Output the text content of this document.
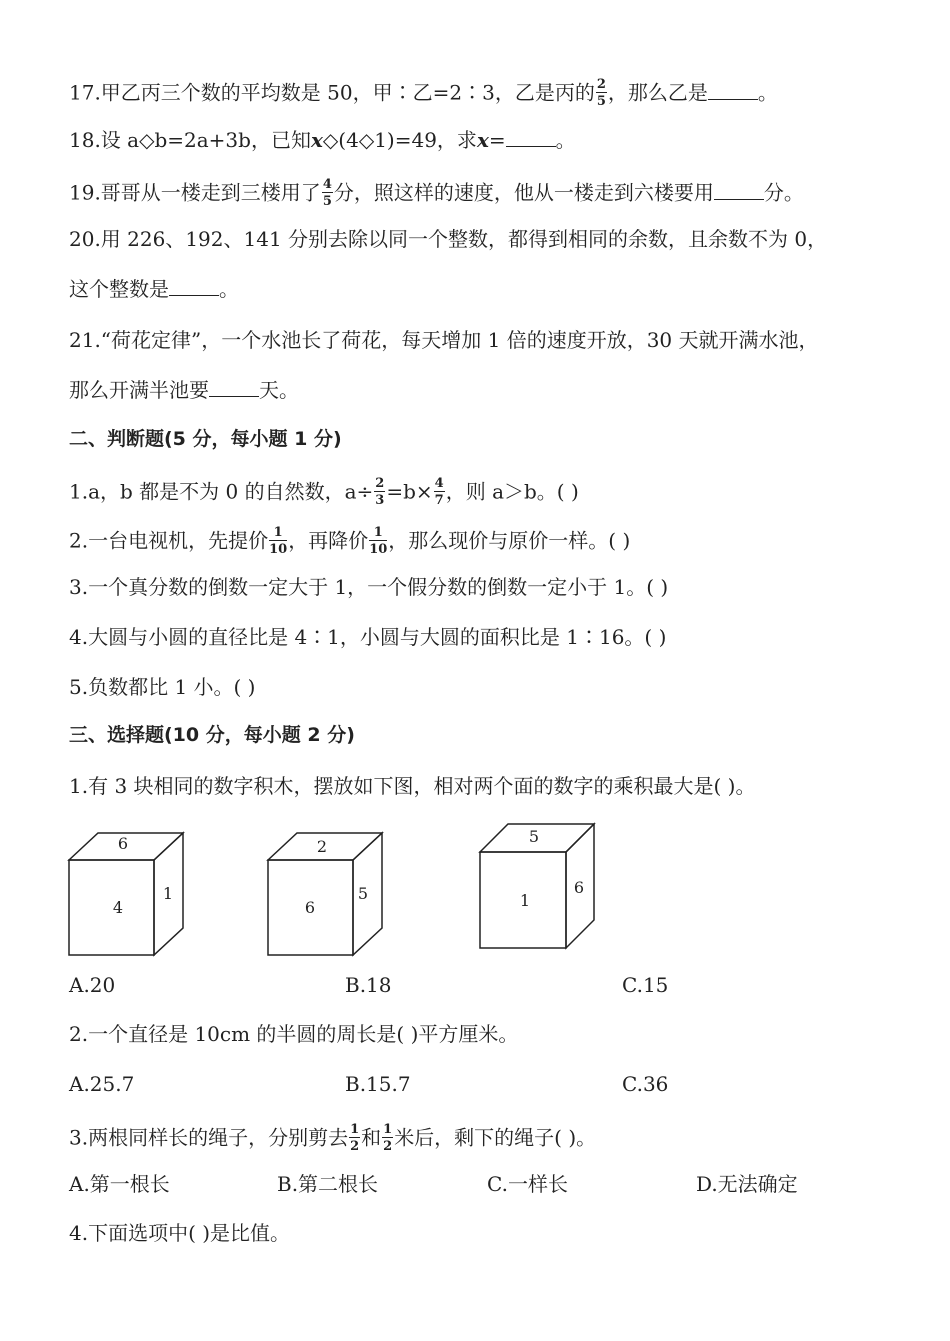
17.甲乙丙三个数的平均数是 50，甲∶乙=2∶3，乙是丙的 $\frac{2}{5}$ ，那么乙是	。
18.设 a◇b=2a+3b，已知𝒙◇(4◇1)=49，求𝒙=	。
19.哥哥从一楼走到三楼用了 $\frac{4}{5}$ 分，照这样的速度，他从一楼走到六楼要用	分。
20.用 226、192、141 分别去除以同一个整数，都得到相同的余数，且余数不为 0，
这个整数是	。
21.“荷花定律”，一个水池长了荷花，每天增加 1 倍的速度开放，30 天就开满水池，
那么开满半池要	天。
二、判断题(5 分，每小题 1 分)
1.a，b 都是不为 0 的自然数，$a\div \frac{2}{3} =b\times \frac{4}{7}$ ，则 a＞b。( )
2.一台电视机，先提价 $\frac{1}{10}$ ，再降价 $\frac{1}{10}$ ，那么现价与原价一样。( )
3.一个真分数的倒数一定大于 1，一个假分数的倒数一定小于 1。( )
4.大圆与小圆的直径比是 4∶1，小圆与大圆的面积比是 1∶16。( )
5.负数都比 1 小。( )
三、选择题(10 分，每小题 2 分)
1.有 3 块相同的数字积木，摆放如下图，相对两个面的数字的乘积最大是( )。
6
4
1
2
6
5
5
1
6
A.20	B.18	C.15
2.一个直径是 10cm 的半圆的周长是( )平方厘米。
A.25.7	B.15.7	C.36
3.两根同样长的绳子，分别剪去 $\frac{1}{2}$ 和 $\frac{1}{2}$ 米后，剩下的绳子( )。
A.第一根长	B.第二根长	C.一样长	D.无法确定
4.下面选项中( )是比值。
